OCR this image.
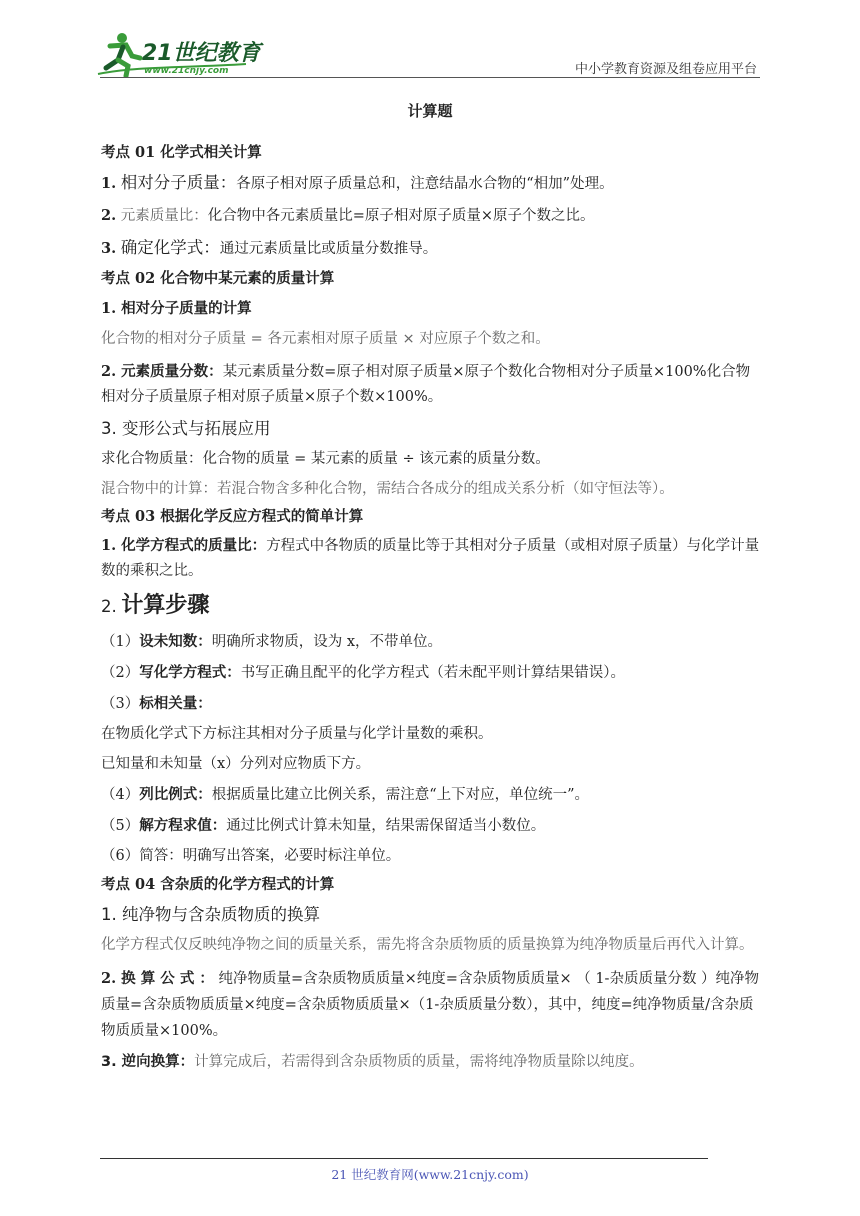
21世纪教育
www.21cnjy.com	中小学教育资源及组卷应用平台
计算题

考点 01 化学式相关计算

1. 相对分子质量：各原子相对原子质量总和，注意结晶水合物的“相加”处理。

2. 元素质量比：化合物中各元素质量比=原子相对原子质量×原子个数之比。

3. 确定化学式：通过元素质量比或质量分数推导。

考点 02 化合物中某元素的质量计算

1. 相对分子质量的计算

化合物的相对分子质量 = 各元素相对原子质量 × 对应原子个数之和。

2. 元素质量分数：某元素质量分数=原子相对原子质量×原子个数化合物相对分子质量×100%化合物相对分子质量原子相对原子质量×原子个数×100%。

3. 变形公式与拓展应用

求化合物质量：化合物的质量 = 某元素的质量 ÷ 该元素的质量分数。

混合物中的计算：若混合物含多种化合物，需结合各成分的组成关系分析（如守恒法等）。

考点 03 根据化学反应方程式的简单计算

1. 化学方程式的质量比：方程式中各物质的质量比等于其相对分子质量（或相对原子质量）与化学计量数的乘积之比。

2. 计算步骤

（1）设未知数：明确所求物质，设为 x，不带单位。

（2）写化学方程式：书写正确且配平的化学方程式（若未配平则计算结果错误）。

（3）标相关量：

在物质化学式下方标注其相对分子质量与化学计量数的乘积。

已知量和未知量（x）分列对应物质下方。

（4）列比例式：根据质量比建立比例关系，需注意“上下对应，单位统一”。

（5）解方程求值：通过比例式计算未知量，结果需保留适当小数位。

（6）简答：明确写出答案，必要时标注单位。

考点 04 含杂质的化学方程式的计算

1. 纯净物与含杂质物质的换算

化学方程式仅反映纯净物之间的质量关系，需先将含杂质物质的质量换算为纯净物质量后再代入计算。

2. 换 算 公 式 ： 纯净物质量=含杂质物质质量×纯度=含杂质物质质量× （ 1-杂质质量分数 ）纯净物质量=含杂质物质质量×纯度=含杂质物质质量×（1-杂质质量分数），其中，纯度=纯净物质量/含杂质物质质量×100%。

3. 逆向换算：计算完成后，若需得到含杂质物质的质量，需将纯净物质量除以纯度。

21 世纪教育网(www.21cnjy.com)
